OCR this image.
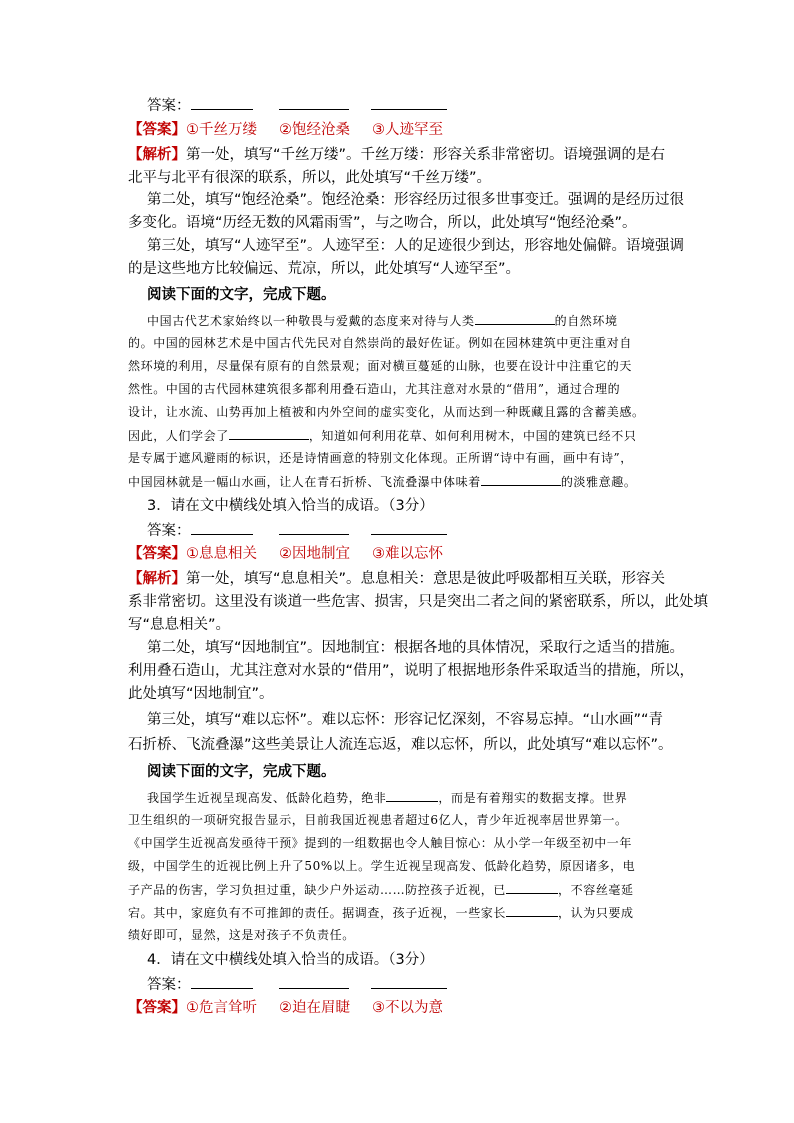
答案：
【答案】①千丝万缕 ②饱经沧桑 ③人迹罕至
【解析】第一处，填写“千丝万缕”。千丝万缕：形容关系非常密切。语境强调的是右
北平与北平有很深的联系，所以，此处填写“千丝万缕”。
第二处，填写“饱经沧桑”。饱经沧桑：形容经历过很多世事变迁。强调的是经历过很
多变化。语境“历经无数的风霜雨雪”，与之吻合，所以，此处填写“饱经沧桑”。
第三处，填写“人迹罕至”。人迹罕至：人的足迹很少到达，形容地处偏僻。语境强调
的是这些地方比较偏远、荒凉，所以，此处填写“人迹罕至”。
阅读下面的文字，完成下题。
中国古代艺术家始终以一种敬畏与爱戴的态度来对待与人类	的自然环境
的。中国的园林艺术是中国古代先民对自然崇尚的最好佐证。例如在园林建筑中更注重对自
然环境的利用，尽量保有原有的自然景观；面对横亘蔓延的山脉，也要在设计中注重它的天
然性。中国的古代园林建筑很多都利用叠石造山，尤其注意对水景的“借用”，通过合理的
设计，让水流、山势再加上植被和内外空间的虚实变化，从而达到一种既藏且露的含蓄美感。
因此，人们学会了	，知道如何利用花草、如何利用树木，中国的建筑已经不只
是专属于遮风避雨的标识，还是诗情画意的特别文化体现。正所谓“诗中有画，画中有诗”，
中国园林就是一幅山水画，让人在青石折桥、飞流叠瀑中体味着	的淡雅意趣。
3．请在文中横线处填入恰当的成语。（3分）
答案：
【答案】①息息相关 ②因地制宜 ③难以忘怀
【解析】第一处，填写“息息相关”。息息相关：意思是彼此呼吸都相互关联，形容关
系非常密切。这里没有谈道一些危害、损害，只是突出二者之间的紧密联系，所以，此处填
写“息息相关”。
第二处，填写“因地制宜”。因地制宜：根据各地的具体情况，采取行之适当的措施。
利用叠石造山，尤其注意对水景的“借用”，说明了根据地形条件采取适当的措施，所以，
此处填写“因地制宜”。
第三处，填写“难以忘怀”。难以忘怀：形容记忆深刻，不容易忘掉。“山水画”“青
石折桥、飞流叠瀑”这些美景让人流连忘返，难以忘怀，所以，此处填写“难以忘怀”。
阅读下面的文字，完成下题。
我国学生近视呈现高发、低龄化趋势，绝非	，而是有着翔实的数据支撑。世界
卫生组织的一项研究报告显示，目前我国近视患者超过6亿人，青少年近视率居世界第一。
《中国学生近视高发亟待干预》提到的一组数据也令人触目惊心：从小学一年级至初中一年
级，中国学生的近视比例上升了50%以上。学生近视呈现高发、低龄化趋势，原因诸多，电
子产品的伤害，学习负担过重，缺少户外运动……防控孩子近视，已	，不容丝毫延
宕。其中，家庭负有不可推卸的责任。据调查，孩子近视，一些家长	，认为只要成
绩好即可，显然，这是对孩子不负责任。
4．请在文中横线处填入恰当的成语。（3分）
答案：
【答案】①危言耸听 ②迫在眉睫 ③不以为意
